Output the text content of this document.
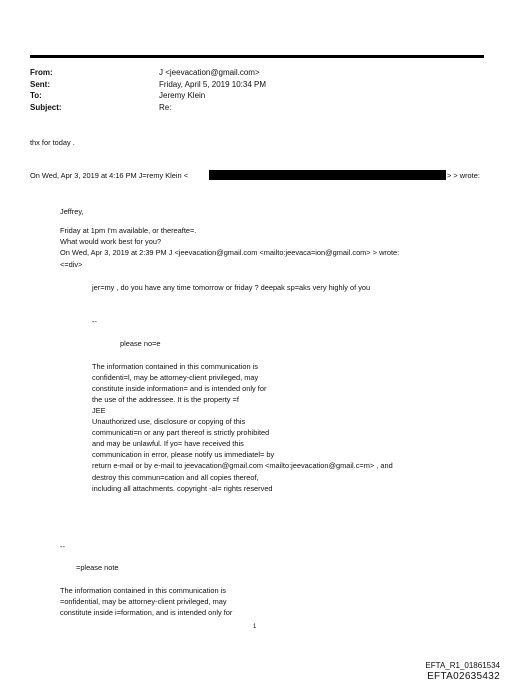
From:	J <jeevacation@gmail.com>
Sent:	Friday, April 5, 2019 10:34 PM
To:	Jeremy Klein
Subject:	Re:
thx for today .
On Wed, Apr 3, 2019 at 4:16 PM J=remy Klein <	> > wrote:
Jeffrey,
Friday at 1pm I'm available, or thereafte=.
What would work best for you?
On Wed, Apr 3, 2019 at 2:39 PM J <jeevacation@gmail.com <mailto:jeevaca=ion@gmail.com> > wrote:
<=div>
jer=my , do you have any time tomorrow or friday ? deepak sp=aks very highly of you
--
please no=e
The information contained in this communication is
confidenti=l, may be attorney-client privileged, may
constitute inside information= and is intended only for
the use of the addressee. It is the property =f
JEE
Unauthorized use, disclosure or copying of this
communicati=n or any part thereof is strictly prohibited
and may be unlawful. If yo= have received this
communication in error, please notify us immediatel= by
return e-mail or by e-mail to jeevacation@gmail.com <mailto:jeevacation@gmail.c=m> , and
destroy this commun=cation and all copies thereof,
including all attachments. copyright -al= rights reserved
--
=please note
The information contained in this communication is
=onfidential, may be attorney-client privileged, may
constitute inside i=formation, and is intended only for
1
EFTA_R1_01861534
EFTA02635432
